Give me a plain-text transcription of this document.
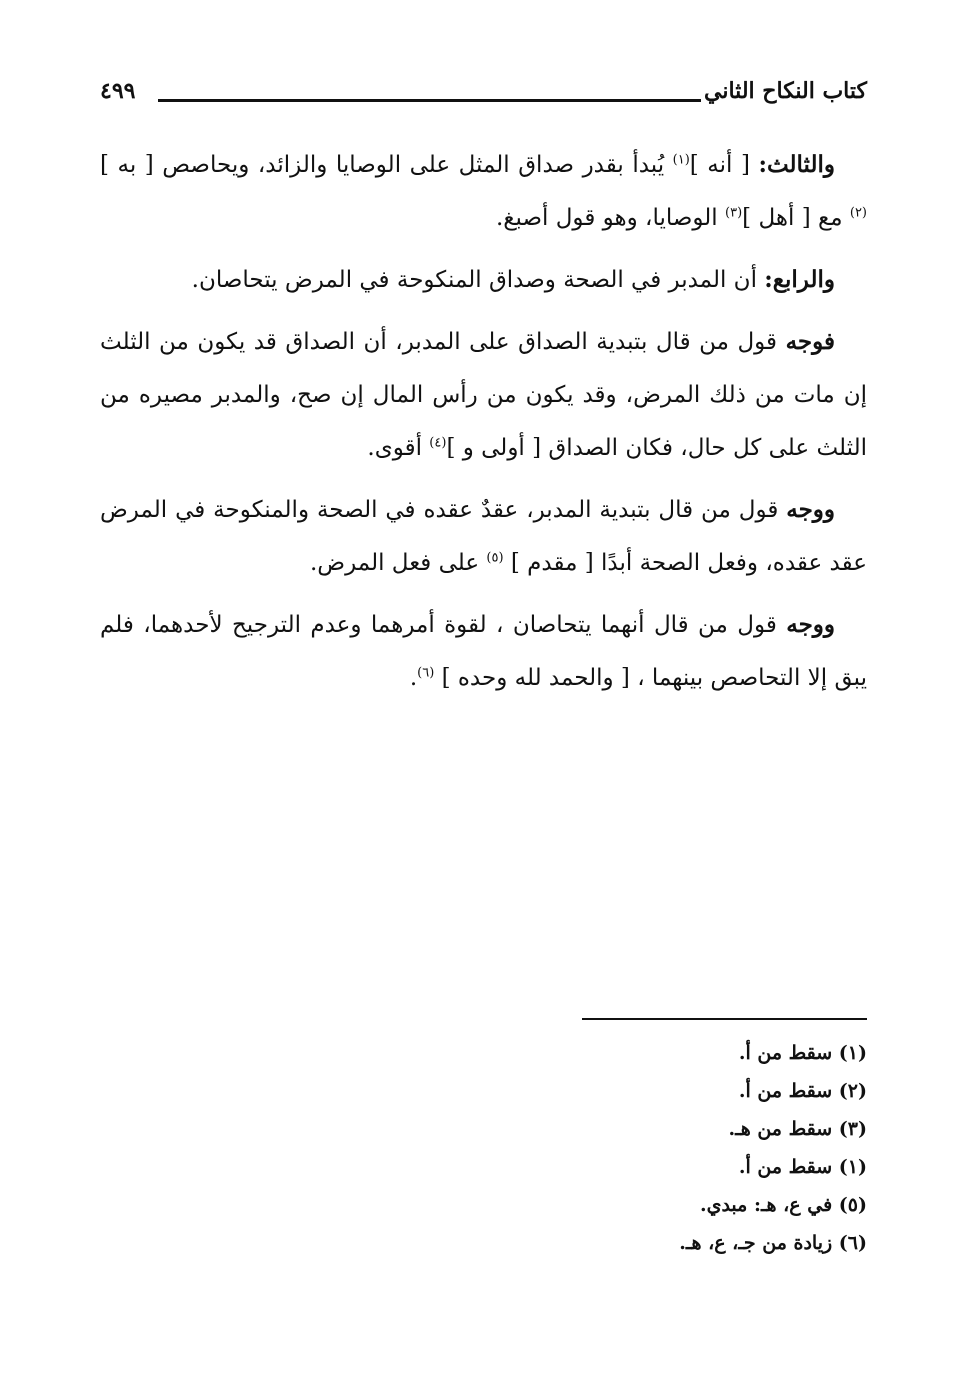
كتاب النكاح الثاني
٤٩٩

والثالث: [ أنه ]$^{(١)}$ يُبدأ بقدر صداق المثل على الوصايا والزائد، ويحاصص [ به ]$^{(٢)}$ مع [ أهل ]$^{(٣)}$ الوصايا، وهو قول أصبغ.

والرابع: أن المدبر في الصحة وصداق المنكوحة في المرض يتحاصان.

فوجه قول من قال بتبدية الصداق على المدبر، أن الصداق قد يكون من الثلث إن مات من ذلك المرض، وقد يكون من رأس المال إن صح، والمدبر مصيره من الثلث على كل حال، فكان الصداق [ أولى و ]$^{(٤)}$ أقوى.

ووجه قول من قال بتبدية المدبر، عقدٌ عقده في الصحة والمنكوحة في المرض عقد عقده، وفعل الصحة أبدًا [ مقدم ] $^{(٥)}$ على فعل المرض.

ووجه قول من قال أنهما يتحاصان ، لقوة أمرهما وعدم الترجيح لأحدهما، فلم يبق إلا التحاصص بينهما ، [ والحمد لله وحده ] $^{(٦)}$.

(١) سقط من أ.
(٢) سقط من أ.
(٣) سقط من هـ.
(١) سقط من أ.
(٥) في ع، هـ: مبدي.
(٦) زيادة من جـ، ع، هـ.
